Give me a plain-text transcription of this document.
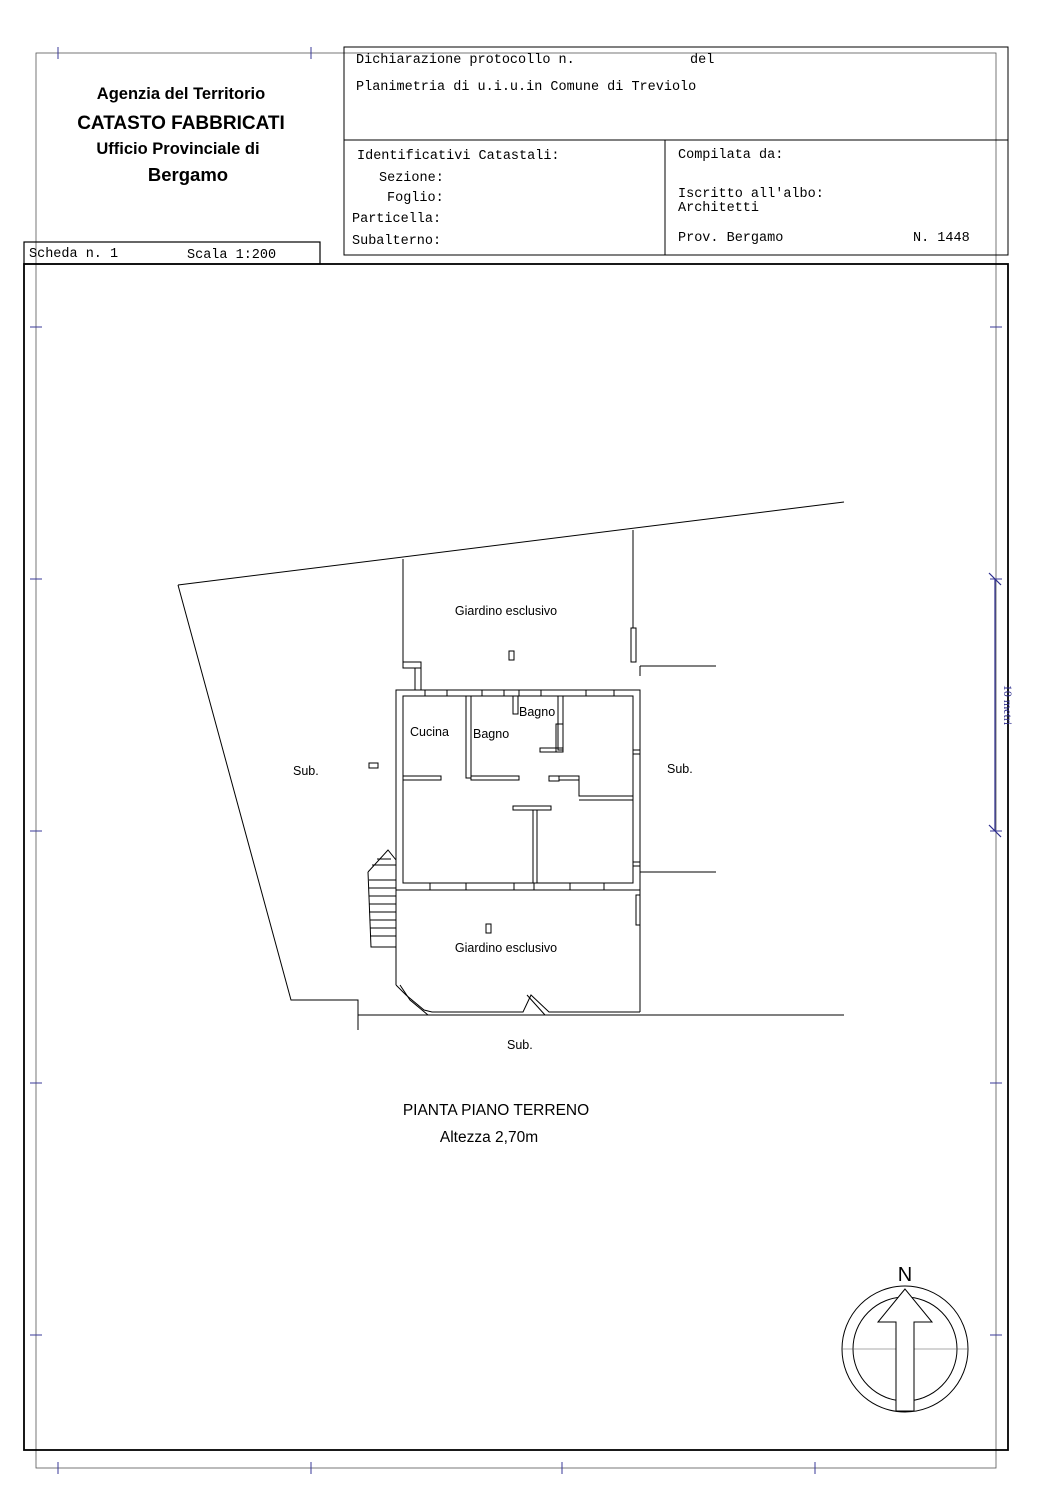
Agenzia del Territorio
CATASTO FABBRICATI
Ufficio Provinciale di
Bergamo
Dichiarazione protocollo n.	del
Planimetria di u.i.u.in Comune di Treviolo
Identificativi Catastali:
Sezione:
Foglio:
Particella:
Subalterno:
Compilata da:
Iscritto all'albo:
Architetti
Prov. Bergamo	N. 1448
Scheda n. 1	Scala 1:200
Giardino esclusivo
Giardino esclusivo
Cucina Bagno
Bagno
Sub.	Sub.
Sub.
PIANTA PIANO TERRENO
Altezza 2,70m
10 metri
N
